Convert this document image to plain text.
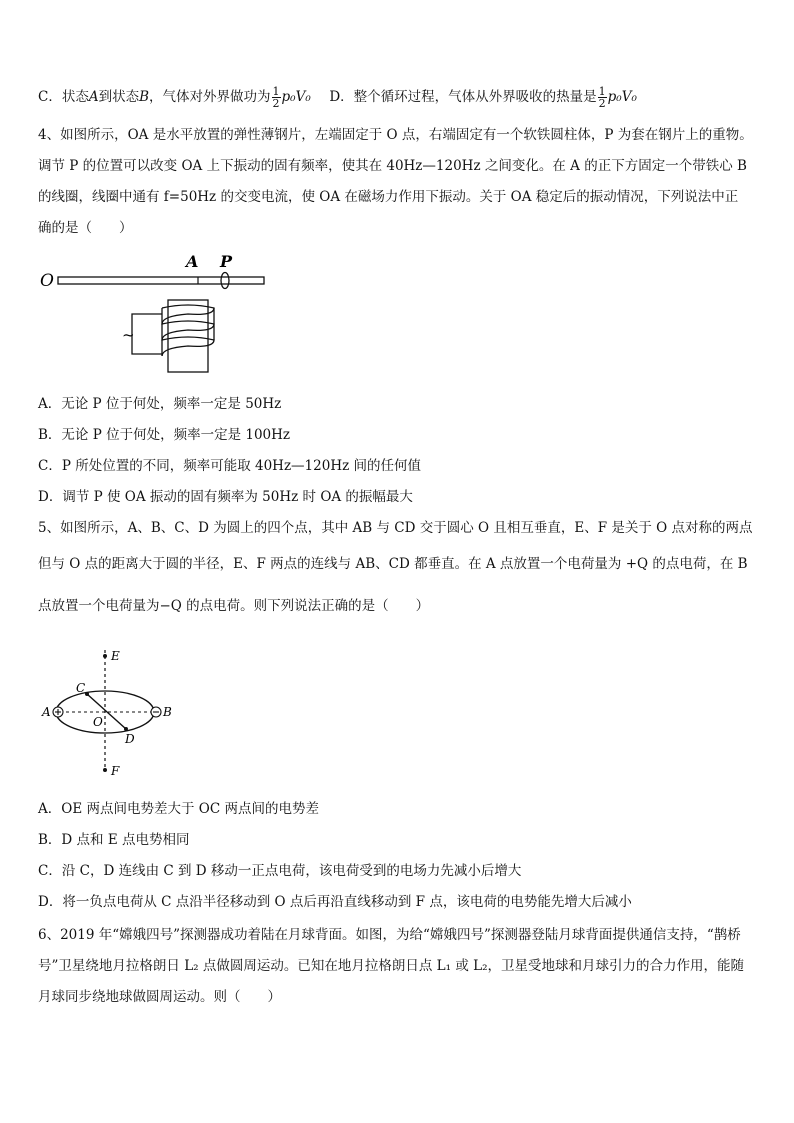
C．状态A到状态B，气体对外界做功为 $\frac{1}{2} p_0V_0$ D．整个循环过程，气体从外界吸收的热量是 $\frac{1}{2} p_0V_0$
4、如图所示，OA 是水平放置的弹性薄钢片，左端固定于 O 点，右端固定有一个软铁圆柱体，P 为套在钢片上的重物。
调节 P 的位置可以改变 OA 上下振动的固有频率，使其在 40Hz—120Hz 之间变化。在 A 的正下方固定一个带铁心 B
的线圈，线圈中通有 f=50Hz 的交变电流，使 OA 在磁场力作用下振动。关于 OA 稳定后的振动情况，下列说法中正
确的是（　　）
O
A P
~
A．无论 P 位于何处，频率一定是 50Hz
B．无论 P 位于何处，频率一定是 100Hz
C．P 所处位置的不同，频率可能取 40Hz—120Hz 间的任何值
D．调节 P 使 OA 振动的固有频率为 50Hz 时 OA 的振幅最大
5、如图所示，A、B、C、D 为圆上的四个点，其中 AB 与 CD 交于圆心 O 且相互垂直，E、F 是关于 O 点对称的两点
但与 O 点的距离大于圆的半径，E、F 两点的连线与 AB、CD 都垂直。在 A 点放置一个电荷量为 +Q 的点电荷，在 B
点放置一个电荷量为−Q 的点电荷。则下列说法正确的是（　　）
E
F
A	B
C
D
O
A．OE 两点间电势差大于 OC 两点间的电势差
B．D 点和 E 点电势相同
C．沿 C，D 连线由 C 到 D 移动一正点电荷，该电荷受到的电场力先减小后增大
D．将一负点电荷从 C 点沿半径移动到 O 点后再沿直线移动到 F 点，该电荷的电势能先增大后减小
6、2019 年“嫦娥四号”探测器成功着陆在月球背面。如图，为给“嫦娥四号”探测器登陆月球背面提供通信支持，“鹊桥
号”卫星绕地月拉格朗日 L₂ 点做圆周运动。已知在地月拉格朗日点 L₁ 或 L₂，卫星受地球和月球引力的合力作用，能随
月球同步绕地球做圆周运动。则（　　）
